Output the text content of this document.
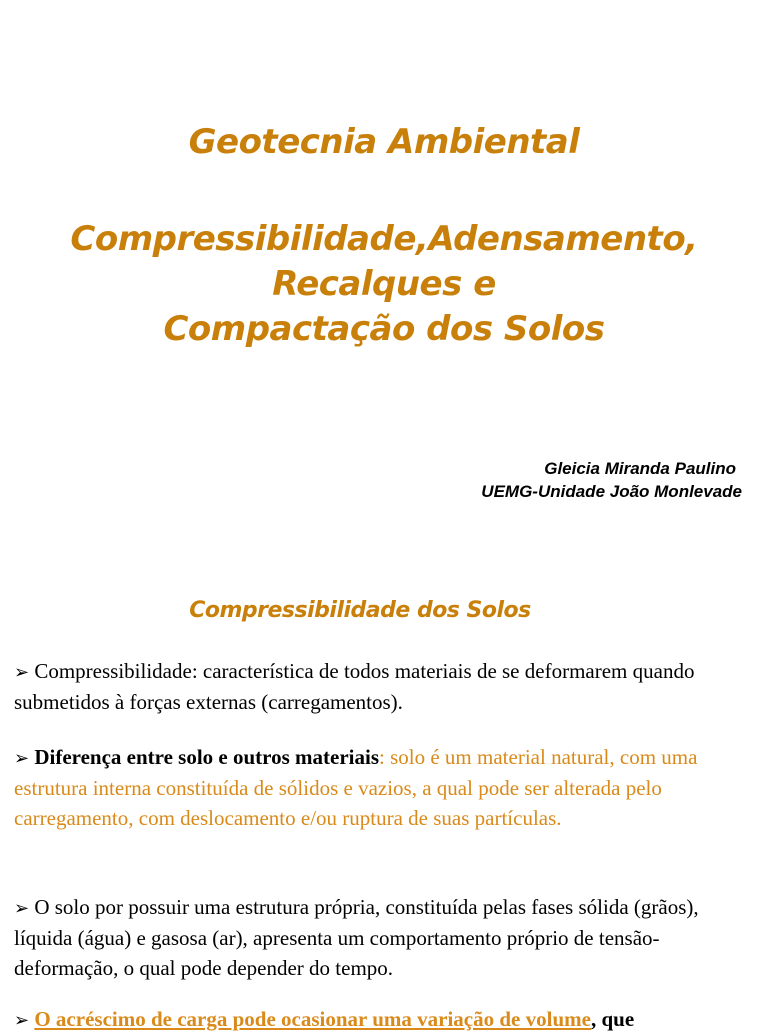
Geotecnia Ambiental
Compressibilidade,Adensamento,
Recalques e
Compactação dos Solos
Gleicia Miranda Paulino
UEMG-Unidade João Monlevade
Compressibilidade dos Solos
➢ Compressibilidade: característica de todos materiais de se deformarem quando submetidos à forças externas (carregamentos).
➢ Diferença entre solo e outros materiais: solo é um material natural, com uma estrutura interna constituída de sólidos e vazios, a qual pode ser alterada pelo carregamento, com deslocamento e/ou ruptura de suas partículas.
➢ O solo por possuir uma estrutura própria, constituída pelas fases sólida (grãos), líquida (água) e gasosa (ar), apresenta um comportamento próprio de tensão-deformação, o qual pode depender do tempo.
➢ O acréscimo de carga pode ocasionar uma variação de volume, que
